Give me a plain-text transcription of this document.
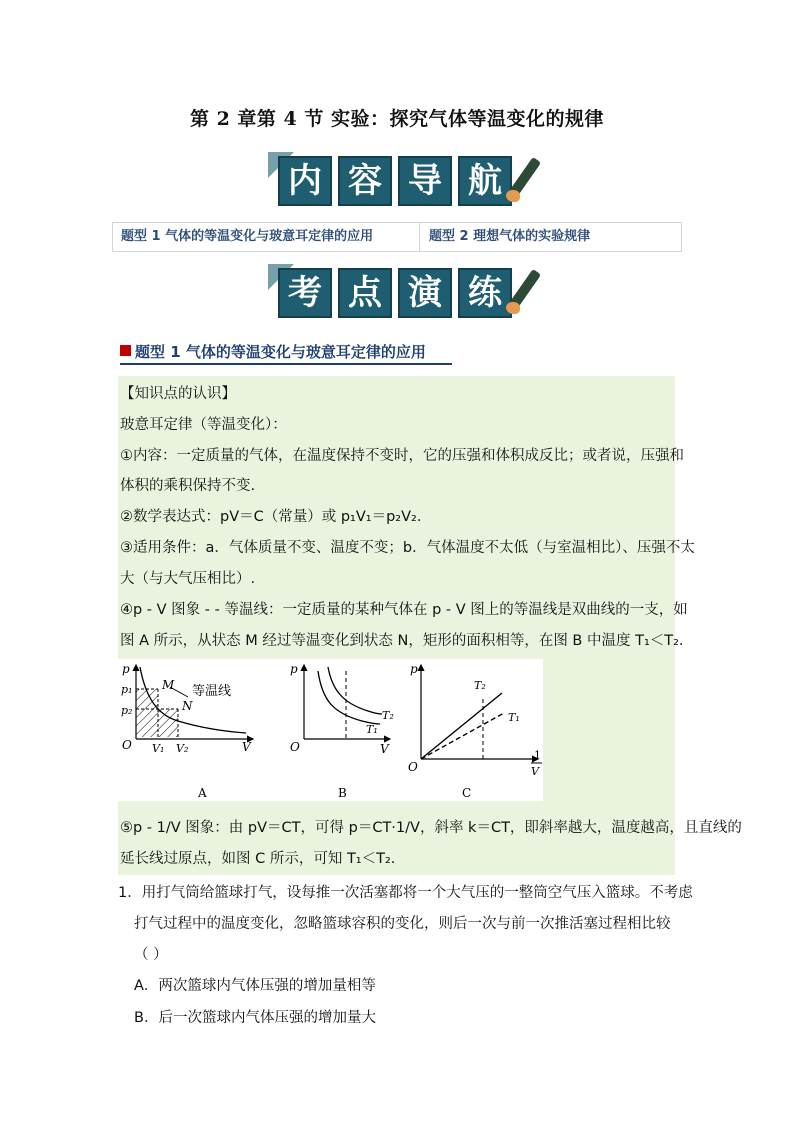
第 2 章第 4 节 实验：探究气体等温变化的规律
内 容 导 航
题型 1 气体的等温变化与玻意耳定律的应用	题型 2 理想气体的实验规律
考 点 演 练
题型 1 气体的等温变化与玻意耳定律的应用
【知识点的认识】
玻意耳定律（等温变化）：
①内容：一定质量的气体，在温度保持不变时，它的压强和体积成反比；或者说，压强和
体积的乘积保持不变.
②数学表达式：pV＝C（常量）或 p₁V₁＝p₂V₂.
③适用条件：a．气体质量不变、温度不变；b．气体温度不太低（与室温相比）、压强不太
大（与大气压相比）.
④p - V 图象 - - 等温线：一定质量的某种气体在 p - V 图上的等温线是双曲线的一支，如
图 A 所示，从状态 M 经过等温变化到状态 N，矩形的面积相等，在图 B 中温度 T₁＜T₂.
⑤p - 1/V 图象：由 pV＝CT，可得 p＝CT·1/V，斜率 k＝CT，即斜率越大，温度越高，且直线的
延长线过原点，如图 C 所示，可知 T₁＜T₂.
p
p₁
p₂
O V₁ V₂	V
M
N
等温线
A
p
O	V
T₁
T₂
B
p
O
T₂
T₁
1
V
C
1．用打气筒给篮球打气，设每推一次活塞都将一个大气压的一整筒空气压入篮球。不考虑
打气过程中的温度变化，忽略篮球容积的变化，则后一次与前一次推活塞过程相比较
（ ）
A．两次篮球内气体压强的增加量相等
B．后一次篮球内气体压强的增加量大
